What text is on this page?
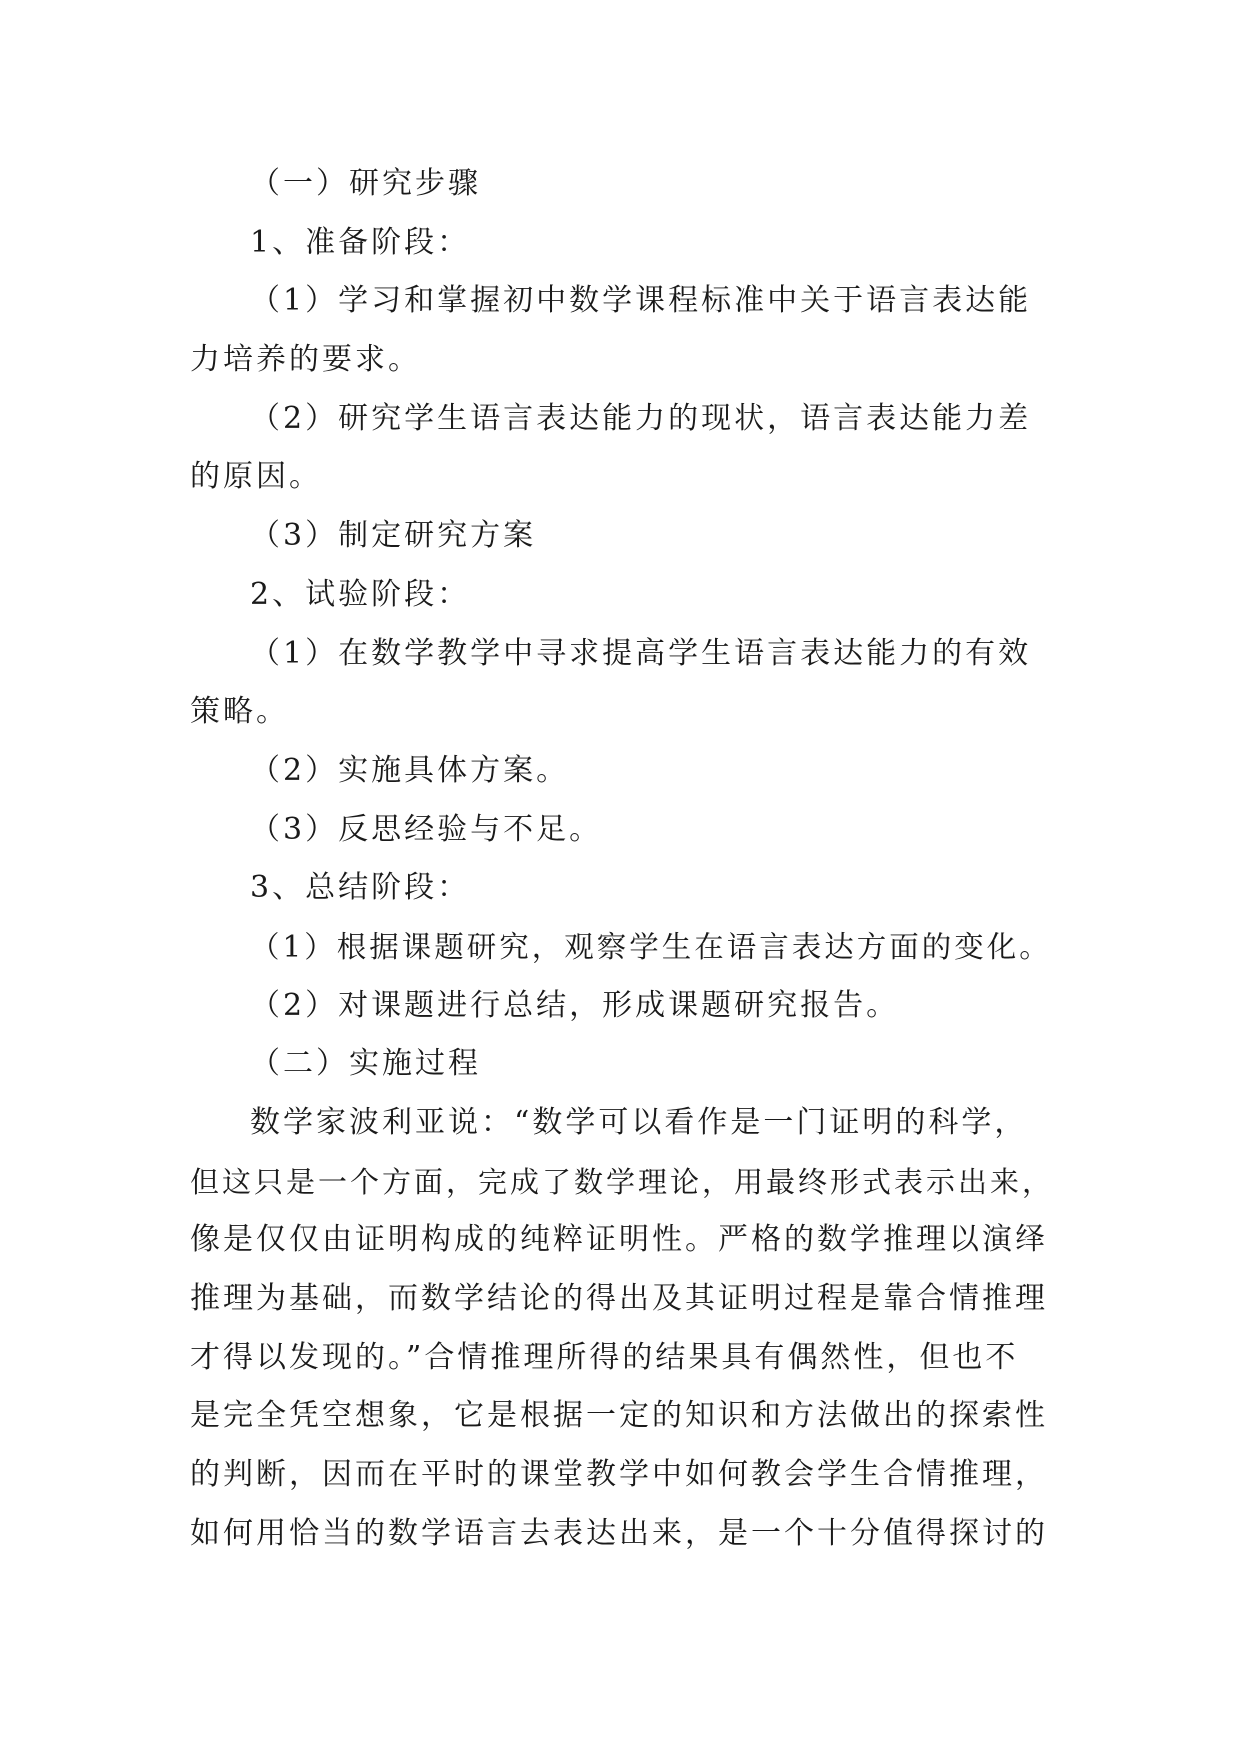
（一）研究步骤
1、准备阶段：
（1）学习和掌握初中数学课程标准中关于语言表达能
力培养的要求。
（2）研究学生语言表达能力的现状，语言表达能力差
的原因。
（3）制定研究方案
2、试验阶段：
（1）在数学教学中寻求提高学生语言表达能力的有效
策略。
（2）实施具体方案。
（3）反思经验与不足。
3、总结阶段：
（1）根据课题研究，观察学生在语言表达方面的变化。
（2）对课题进行总结，形成课题研究报告。
（二）实施过程
数学家波利亚说：“数学可以看作是一门证明的科学，
但这只是一个方面，完成了数学理论，用最终形式表示出来，
像是仅仅由证明构成的纯粹证明性。严格的数学推理以演绎
推理为基础，而数学结论的得出及其证明过程是靠合情推理
才得以发现的。”合情推理所得的结果具有偶然性，但也不
是完全凭空想象，它是根据一定的知识和方法做出的探索性
的判断，因而在平时的课堂教学中如何教会学生合情推理，
如何用恰当的数学语言去表达出来，是一个十分值得探讨的
